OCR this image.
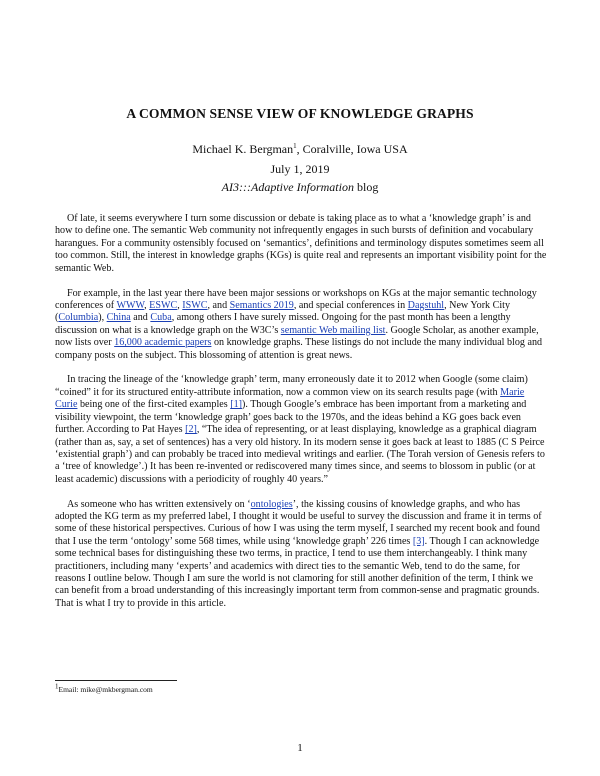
A COMMON SENSE VIEW OF KNOWLEDGE GRAPHS
Michael K. Bergman$^1$, Coralville, Iowa USA
July 1, 2019
AI3:::Adaptive Information blog

Of late, it seems everywhere I turn some discussion or debate is taking place as to what a ‘knowledge graph’ is and how to define one. The semantic Web community not infrequently engages in such bursts of definition and vocabulary harangues. For a community ostensibly focused on ‘semantics’, definitions and terminology disputes sometimes seem all too common. Still, the interest in knowledge graphs (KGs) is quite real and represents an important visibility point for the semantic Web.

For example, in the last year there have been major sessions or workshops on KGs at the major semantic technology conferences of WWW, ESWC, ISWC, and Semantics 2019, and special conferences in Dagstuhl, New York City (Columbia), China and Cuba, among others I have surely missed. Ongoing for the past month has been a lengthy discussion on what is a knowledge graph on the W3C’s semantic Web mailing list. Google Scholar, as another example, now lists over 16,000 academic papers on knowledge graphs. These listings do not include the many individual blog and company posts on the subject. This blossoming of attention is great news.

In tracing the lineage of the ‘knowledge graph’ term, many erroneously date it to 2012 when Google (some claim) “coined” it for its structured entity-attribute information, now a common view on its search results page (with Marie Curie being one of the first-cited examples [1]). Though Google’s embrace has been important from a marketing and visibility viewpoint, the term ‘knowledge graph’ goes back to the 1970s, and the ideas behind a KG goes back even further. According to Pat Hayes [2], “The idea of representing, or at least displaying, knowledge as a graphical diagram (rather than as, say, a set of sentences) has a very old history. In its modern sense it goes back at least to 1885 (C S Peirce ‘existential graph’) and can probably be traced into medieval writings and earlier. (The Torah version of Genesis refers to a ‘tree of knowledge’.) It has been re-invented or rediscovered many times since, and seems to blossom in public (or at least academic) discussions with a periodicity of roughly 40 years.”

As someone who has written extensively on ‘ontologies’, the kissing cousins of knowledge graphs, and who has adopted the KG term as my preferred label, I thought it would be useful to survey the discussion and frame it in terms of some of these historical perspectives. Curious of how I was using the term myself, I searched my recent book and found that I use the term ‘ontology’ some 568 times, while using ‘knowledge graph’ 226 times [3]. Though I can acknowledge some technical bases for distinguishing these two terms, in practice, I tend to use them interchangeably. I think many practitioners, including many ‘experts’ and academics with direct ties to the semantic Web, tend to do the same, for reasons I outline below. Though I am sure the world is not clamoring for still another definition of the term, I think we can benefit from a broad understanding of this increasingly important term from common-sense and pragmatic grounds. That is what I try to provide in this article.

$^1$Email: mike@mkbergman.com
1
